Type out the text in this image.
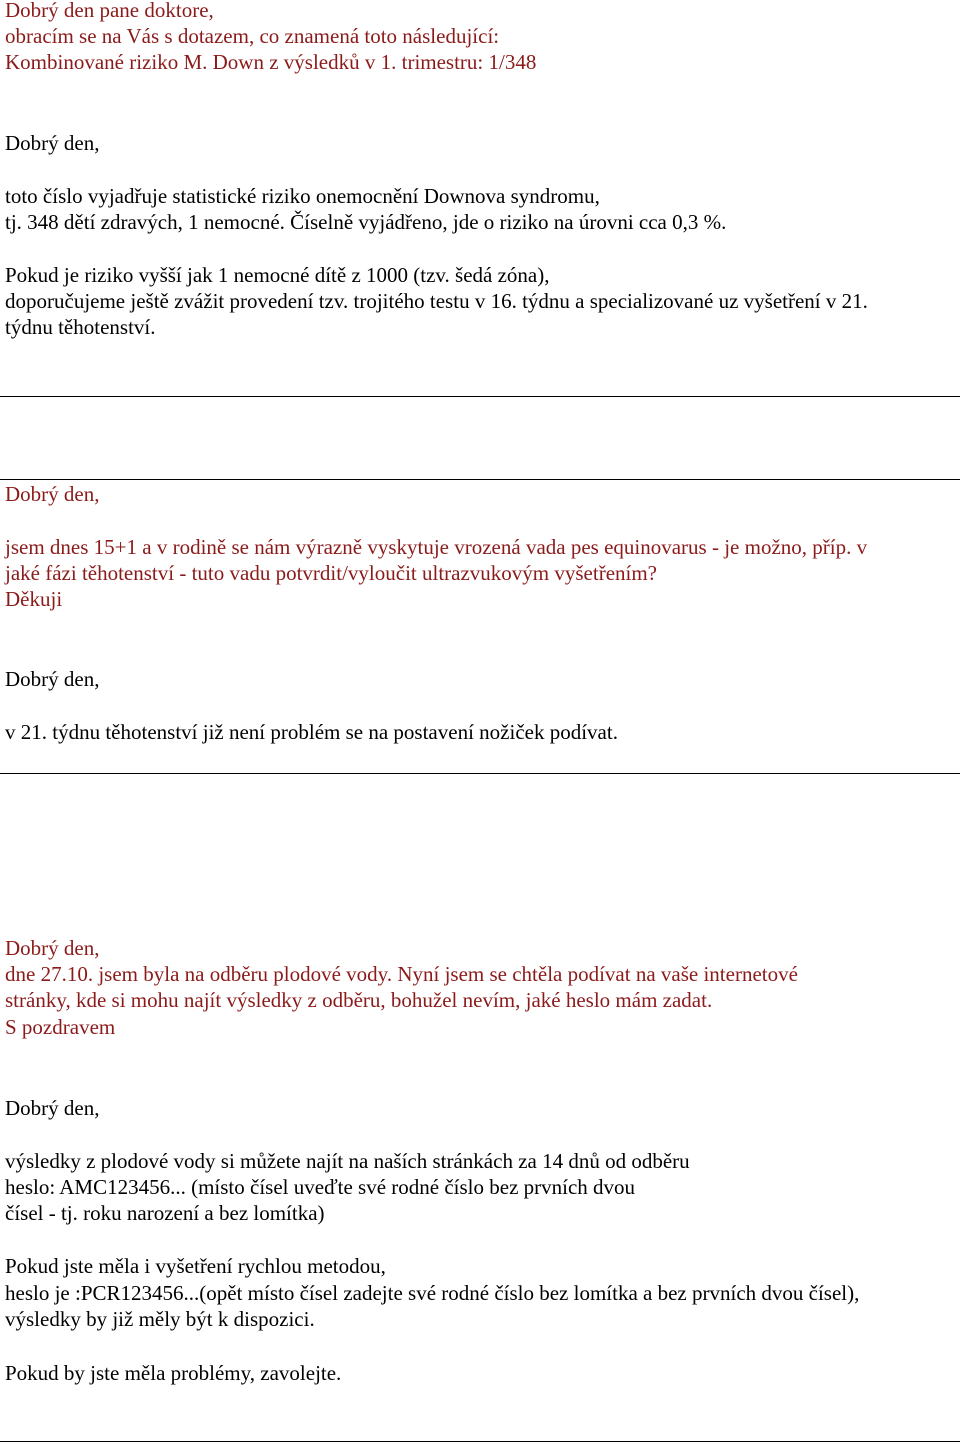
Dobrý den pane doktore,
obracím se na Vás s dotazem, co znamená toto následující:
Kombinované riziko M. Down z výsledků v 1. trimestru: 1/348
Dobrý den,
toto číslo vyjadřuje statistické riziko onemocnění Downova syndromu,
tj. 348 dětí zdravých, 1 nemocné. Číselně vyjádřeno, jde o riziko na úrovni cca 0,3 %.
Pokud je riziko vyšší jak 1 nemocné dítě z 1000 (tzv. šedá zóna),
doporučujeme ještě zvážit provedení tzv. trojitého testu v 16. týdnu a specializované uz vyšetření v 21.
týdnu těhotenství.
Dobrý den,
jsem dnes 15+1 a v rodině se nám výrazně vyskytuje vrozená vada pes equinovarus - je možno, příp. v
jaké fázi těhotenství - tuto vadu potvrdit/vyloučit ultrazvukovým vyšetřením?
Děkuji
Dobrý den,
v 21. týdnu těhotenství již není problém se na postavení nožiček podívat.
Dobrý den,
dne 27.10. jsem byla na odběru plodové vody. Nyní jsem se chtěla podívat na vaše internetové
stránky, kde si mohu najít výsledky z odběru, bohužel nevím, jaké heslo mám zadat.
S pozdravem
Dobrý den,
výsledky z plodové vody si můžete najít na naších stránkách za 14 dnů od odběru
heslo: AMC123456... (místo čísel uveďte své rodné číslo bez prvních dvou
čísel - tj. roku narození a bez lomítka)
Pokud jste měla i vyšetření rychlou metodou,
heslo je :PCR123456...(opět místo čísel zadejte své rodné číslo bez lomítka a bez prvních dvou čísel),
výsledky by již měly být k dispozici.
Pokud by jste měla problémy, zavolejte.
